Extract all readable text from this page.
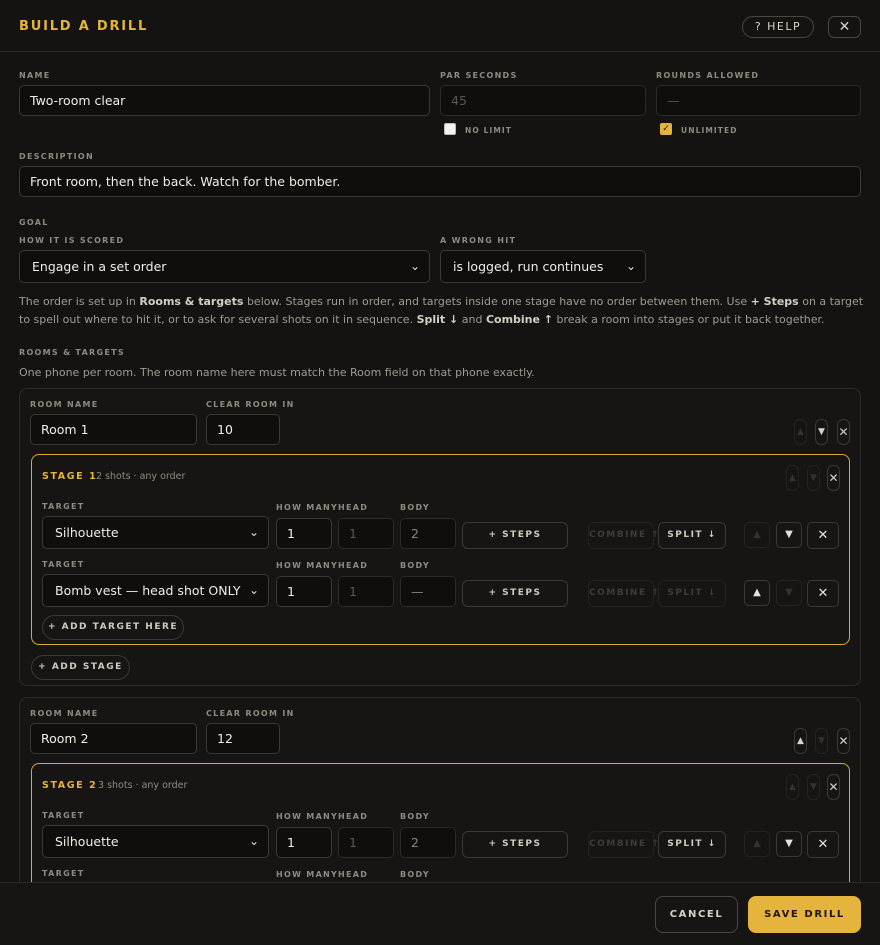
BUILD A DRILL	? HELP	✕
NAME
Two-room clear
PAR SECONDS
45
NO LIMIT
ROUNDS ALLOWED
—
✓ UNLIMITED
DESCRIPTION
Front room, then the back. Watch for the bomber.
GOAL
HOW IT IS SCORED
Engage in a set order	⌄
A WRONG HIT
is logged, run continues ⌄
The order is set up in Rooms & targets below. Stages run in order, and targets inside one stage have no order between them. Use + Steps on a target to spell out where to hit it, or to ask for several shots on it in sequence. Split ↓ and Combine ↑ break a room into stages or put it back together.
ROOMS & TARGETS
One phone per room. The room name here must match the Room field on that phone exactly.
ROOM NAME
Room 1
CLEAR ROOM IN
10	▲	▼ ✕
STAGE 1
2 shots · any order	▲	▼ ✕
TARGET
Silhouette	⌄
HOW MANY
1
HEAD
1
BODY
2	+ STEPS	COMBINE ↑ SPLIT ↓	▲	▼	✕
TARGET
Bomb vest — head shot ONLY ⌄
HOW MANY
1
HEAD
1
BODY
—	+ STEPS	COMBINE ↑ SPLIT ↓	▲	▼	✕
+ ADD TARGET HERE
+ ADD STAGE
ROOM NAME
Room 2
CLEAR ROOM IN
12	▲	▼ ✕
STAGE 2 3 shots · any order	▲	▼ ✕
TARGET
Silhouette	⌄
HOW MANY
1
HEAD
1
BODY
2	+ STEPS	COMBINE ↑ SPLIT ↓	▲	▼	✕
TARGET	HOW MANY HEAD	BODY
CANCEL	SAVE DRILL
